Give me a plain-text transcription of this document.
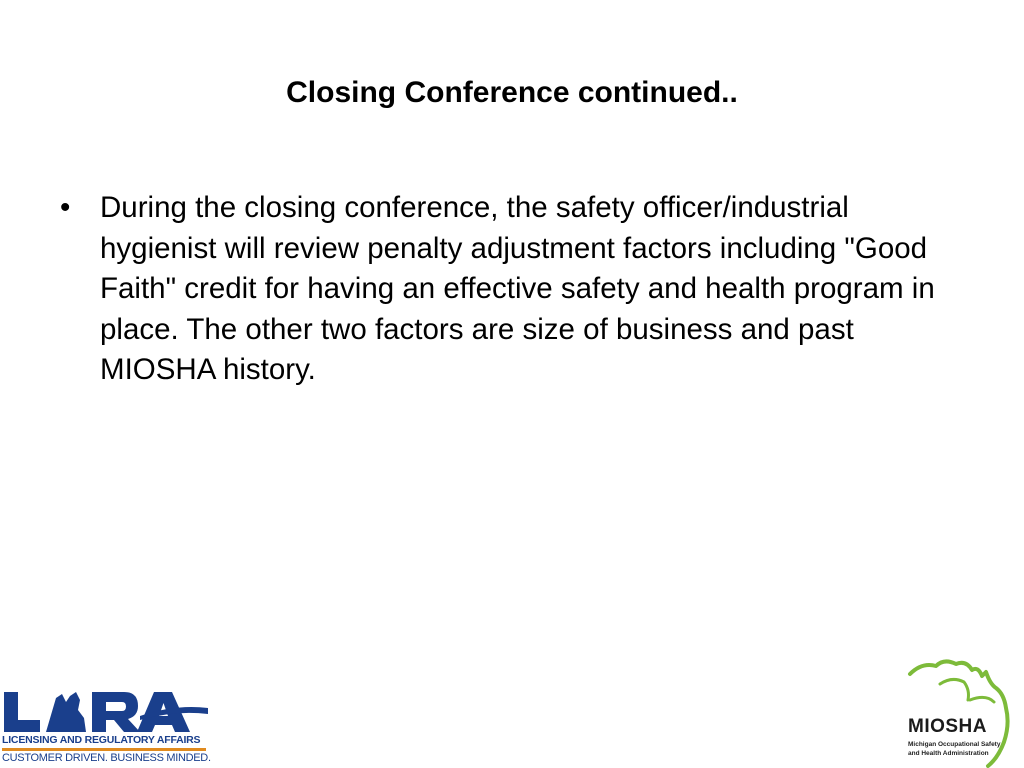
Closing Conference continued..
• During the closing conference, the safety officer/industrial hygienist will review penalty adjustment factors including "Good Faith" credit for having an effective safety and health program in place. The other two factors are size of business and past MIOSHA history.
LICENSING AND REGULATORY AFFAIRS
CUSTOMER DRIVEN. BUSINESS MINDED.
MIOSHA
Michigan Occupational Safety
and Health Administration
